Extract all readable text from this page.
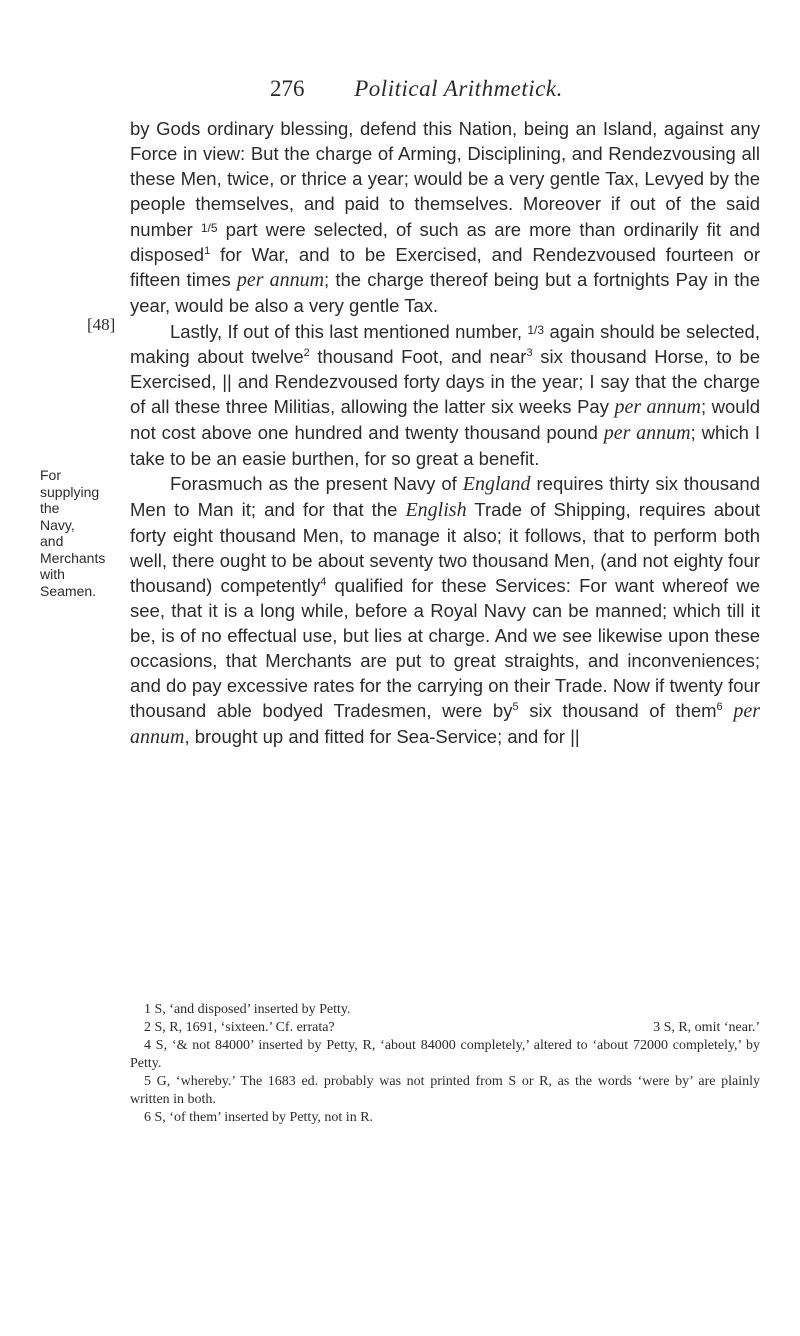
276 Political Arithmetick.
[48]
For supplying the Navy, and Merchants with Seamen.

by Gods ordinary blessing, defend this Nation, being an Island, against any Force in view: But the charge of Arming, Disciplining, and Rendezvousing all these Men, twice, or thrice a year; would be a very gentle Tax, Levyed by the people themselves, and paid to themselves. Moreover if out of the said number $^{1/5}$ part were selected, of such as are more than ordinarily fit and disposed$^1$ for War, and to be Exercised, and Rendezvoused fourteen or fifteen times per annum; the charge thereof being but a fortnights Pay in the year, would be also a very gentle Tax.

Lastly, If out of this last mentioned number, $^{1/3}$ again should be selected, making about twelve$^2$ thousand Foot, and near$^3$ six thousand Horse, to be Exercised, || and Rendezvoused forty days in the year; I say that the charge of all these three Militias, allowing the latter six weeks Pay per annum; would not cost above one hundred and twenty thousand pound per annum; which I take to be an easie burthen, for so great a benefit.

Forasmuch as the present Navy of England requires thirty six thousand Men to Man it; and for that the English Trade of Shipping, requires about forty eight thousand Men, to manage it also; it follows, that to perform both well, there ought to be about seventy two thousand Men, (and not eighty four thousand) competently$^4$ qualified for these Services: For want whereof we see, that it is a long while, before a Royal Navy can be manned; which till it be, is of no effectual use, but lies at charge. And we see likewise upon these occasions, that Merchants are put to great straights, and inconveniences; and do pay excessive rates for the carrying on their Trade. Now if twenty four thousand able bodyed Tradesmen, were $by^5$ six thousand of them$^6$ per annum, brought up and fitted for Sea-Service; and for ||

1 S, ‘and disposed’ inserted by Petty.

2 S, R, 1691, ‘sixteen.’ Cf. errata?	3 S, R, omit ‘near.’

4 S, ‘& not 84000’ inserted by Petty, R, ‘about 84000 completely,’ altered to ‘about 72000 completely,’ by Petty.

5 G, ‘whereby.’ The 1683 ed. probably was not printed from S or R, as the words ‘were by’ are plainly written in both.

6 S, ‘of them’ inserted by Petty, not in R.
